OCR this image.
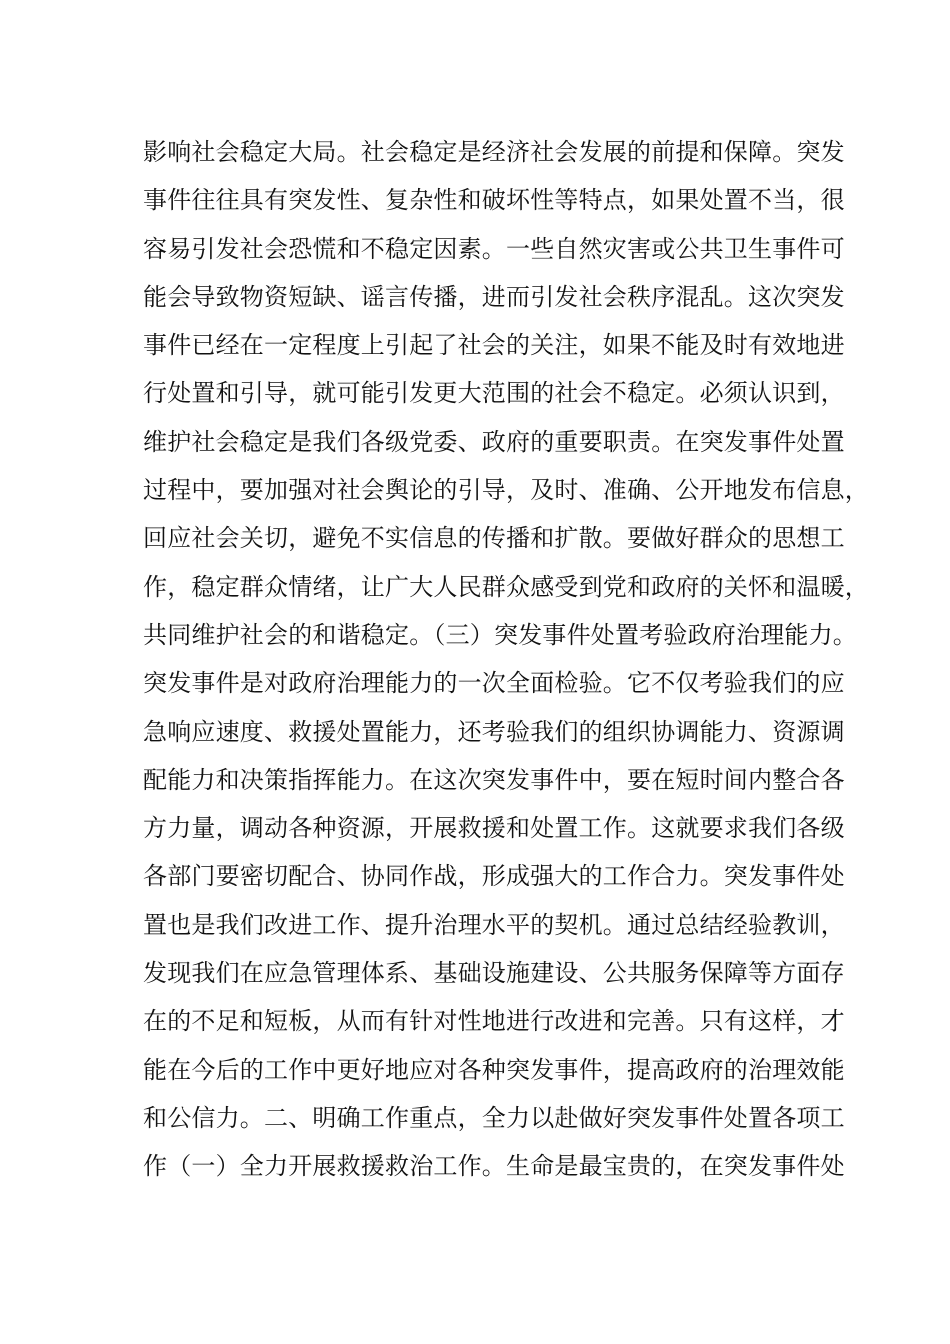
影响社会稳定大局。社会稳定是经济社会发展的前提和保障。突发
事件往往具有突发性、复杂性和破坏性等特点，如果处置不当，很
容易引发社会恐慌和不稳定因素。一些自然灾害或公共卫生事件可
能会导致物资短缺、谣言传播，进而引发社会秩序混乱。这次突发
事件已经在一定程度上引起了社会的关注，如果不能及时有效地进
行处置和引导，就可能引发更大范围的社会不稳定。必须认识到，
维护社会稳定是我们各级党委、政府的重要职责。在突发事件处置
过程中，要加强对社会舆论的引导，及时、准确、公开地发布信息，
回应社会关切，避免不实信息的传播和扩散。要做好群众的思想工
作，稳定群众情绪，让广大人民群众感受到党和政府的关怀和温暖，
共同维护社会的和谐稳定。（三）突发事件处置考验政府治理能力。
突发事件是对政府治理能力的一次全面检验。它不仅考验我们的应
急响应速度、救援处置能力，还考验我们的组织协调能力、资源调
配能力和决策指挥能力。在这次突发事件中，要在短时间内整合各
方力量，调动各种资源，开展救援和处置工作。这就要求我们各级
各部门要密切配合、协同作战，形成强大的工作合力。突发事件处
置也是我们改进工作、提升治理水平的契机。通过总结经验教训，
发现我们在应急管理体系、基础设施建设、公共服务保障等方面存
在的不足和短板，从而有针对性地进行改进和完善。只有这样，才
能在今后的工作中更好地应对各种突发事件，提高政府的治理效能
和公信力。二、明确工作重点，全力以赴做好突发事件处置各项工
作（一）全力开展救援救治工作。生命是最宝贵的，在突发事件处
